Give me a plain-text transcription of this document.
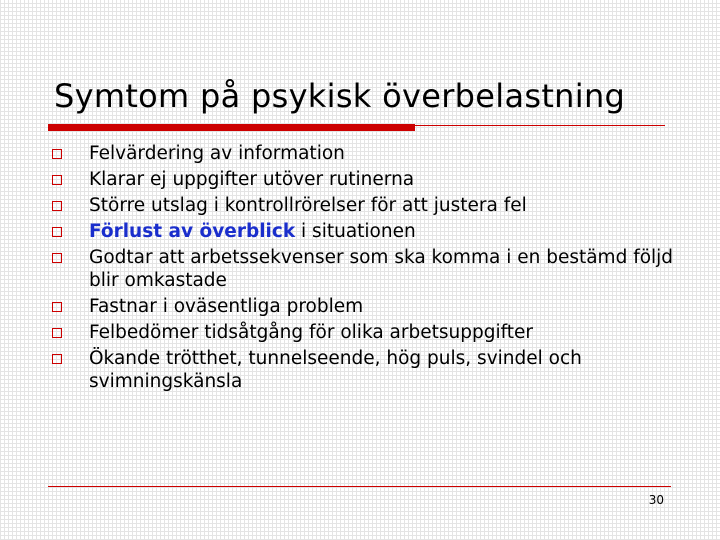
Symtom på psykisk överbelastning
Felvärdering av information
Klarar ej uppgifter utöver rutinerna
Större utslag i kontrollrörelser för att justera fel
Förlust av överblick i situationen
Godtar att arbetssekvenser som ska komma i en bestämd följd blir omkastade
Fastnar i oväsentliga problem
Felbedömer tidsåtgång för olika arbetsuppgifter
Ökande trötthet, tunnelseende, hög puls, svindel och svimningskänsla
30
